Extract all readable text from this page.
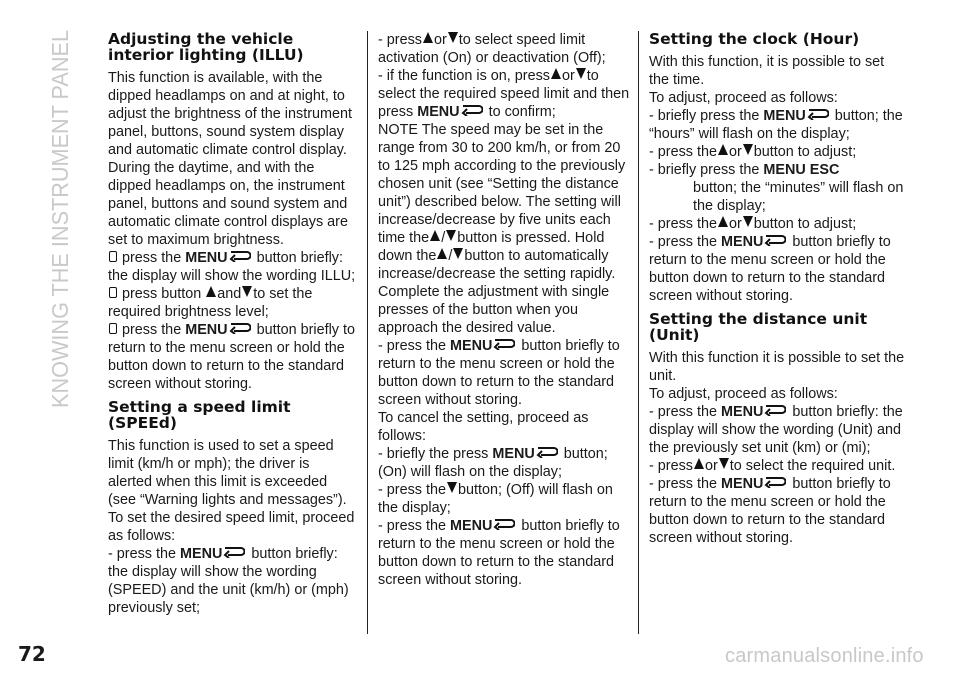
KNOWING THE INSTRUMENT PANEL
72	carmanualsonline.info
Adjusting the vehicle interior lighting (ILLU)

This function is available, with the dipped headlamps on and at night, to adjust the brightness of the instrument panel, buttons, sound system display and automatic climate control display.

During the daytime, and with the dipped headlamps on, the instrument panel, buttons and sound system and automatic climate control displays are set to maximum brightness.

press the MENU button briefly: the display will show the wording ILLU;

press button and to set the required brightness level;

press the MENU button briefly to return to the menu screen or hold the button down to return to the standard screen without storing.

Setting a speed limit (SPEEd)

This function is used to set a speed limit (km/h or mph); the driver is alerted when this limit is exceeded (see “Warning lights and messages”).

To set the desired speed limit, proceed as follows:

- press the MENU button briefly: the display will show the wording (SPEED) and the unit (km/h) or (mph) previously set;

- press or to select speed limit activation (On) or deactivation (Off);

- if the function is on, press or to select the required speed limit and then press MENU to confirm;

NOTE The speed may be set in the range from 30 to 200 km/h, or from 20 to 125 mph according to the previously chosen unit (see “Setting the distance unit”) described below. The setting will increase/decrease by five units each time the / button is pressed. Hold down the / button to automatically increase/decrease the setting rapidly. Complete the adjustment with single presses of the button when you approach the desired value.

- press the MENU button briefly to return to the menu screen or hold the button down to return to the standard screen without storing.

To cancel the setting, proceed as follows:

- briefly the press MENU button; (On) will flash on the display;

- press the button; (Off) will flash on the display;

- press the MENU button briefly to return to the menu screen or hold the button down to return to the standard screen without storing.

Setting the clock (Hour)

With this function, it is possible to set the time.

To adjust, proceed as follows:

- briefly press the MENU button; the “hours” will flash on the display;

- press the or button to adjust;

- briefly press the MENU ESC

button; the “minutes” will flash on the display;

- press the or button to adjust;

- press the MENU button briefly to return to the menu screen or hold the button down to return to the standard screen without storing.

Setting the distance unit (Unit)

With this function it is possible to set the unit.

To adjust, proceed as follows:

- press the MENU button briefly: the display will show the wording (Unit) and the previously set unit (km) or (mi);

- press or to select the required unit.

- press the MENU button briefly to return to the menu screen or hold the button down to return to the standard screen without storing.
